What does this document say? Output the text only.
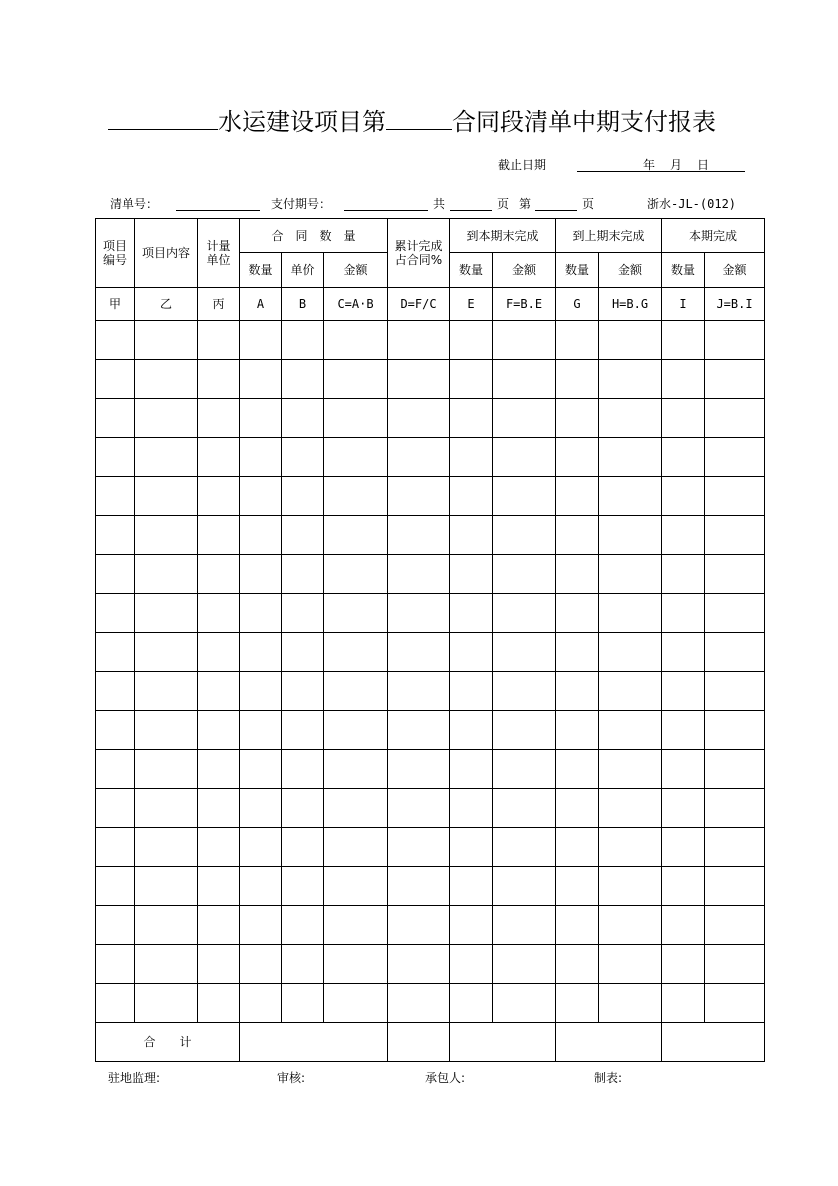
水运建设项目第	合同段清单中期支付报表
截止日期	年 月 日
清单号：	支付期号：	共	页 第	页	浙水-JL-(012)
项目编号	项目内容	计量单位	合　同　数　量			累计完成占合同%	到本期末完成		到上期末完成		本期完成	
			数量	单价	金额		数量	金额	数量	金额	数量	金额
甲	乙	丙	A	B	C=A·B	D=F/C	E	F=B.E	G	H=B.G	I	J=B.I

合　　计												
驻地监理:	审核:	承包人:	制表:
